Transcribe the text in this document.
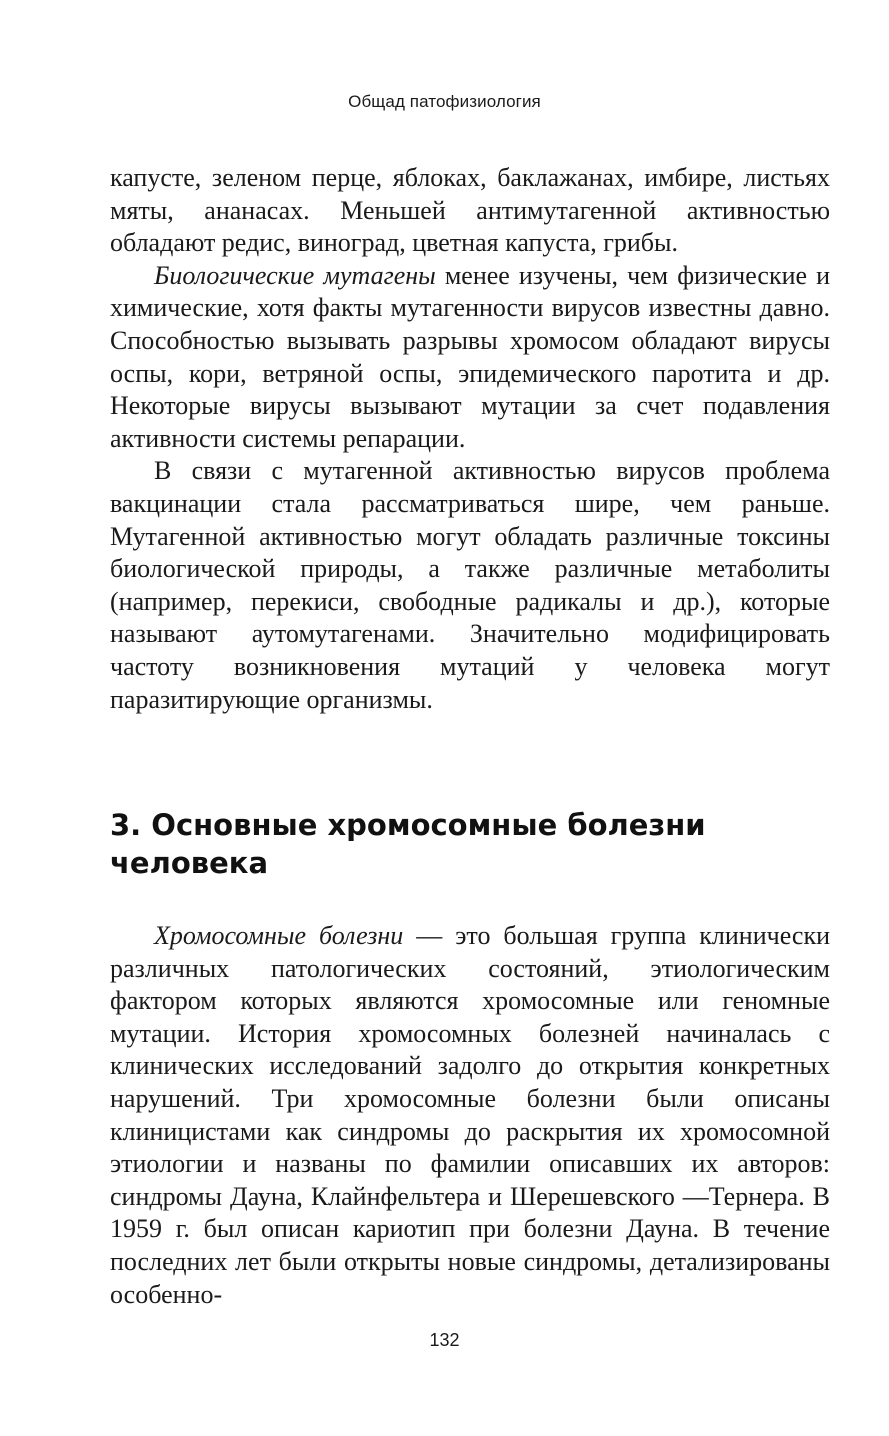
Общад патофизиология

капусте, зеленом перце, яблоках, баклажанах, имбире, листьях мяты, ананасах. Меньшей антимутагенной активностью обладают редис, виноград, цветная капуста, грибы.

Биологические мутагены менее изучены, чем физические и химические, хотя факты мутагенности вирусов известны давно. Способностью вызывать разрывы хромосом обладают вирусы оспы, кори, ветряной оспы, эпидемического паротита и др. Некоторые вирусы вызывают мутации за счет подавления активности системы репарации.

В связи с мутагенной активностью вирусов проблема вакцинации стала рассматриваться шире, чем раньше. Мутагенной активностью могут обладать различные токсины биологической природы, а также различные метаболиты (например, перекиси, свободные радикалы и др.), которые называют аутомутагенами. Значительно модифицировать частоту возникновения мутаций у человека могут паразитирующие организмы.

3. Основные хромосомные болезни
человека

Хромосомные болезни — это большая группа клинически различных патологических состояний, этиологическим фактором которых являются хромосомные или геномные мутации. История хромосомных болезней начиналась с клинических исследований задолго до открытия конкретных нарушений. Три хромосомные болезни были описаны клиницистами как синдромы до раскрытия их хромосомной этиологии и названы по фамилии описавших их авторов: синдромы Дауна, Клайнфельтера и Шерешевского —Тернера. В 1959 г. был описан кариотип при болезни Дауна. В течение последних лет были открыты новые синдромы, детализированы особенно-

132
